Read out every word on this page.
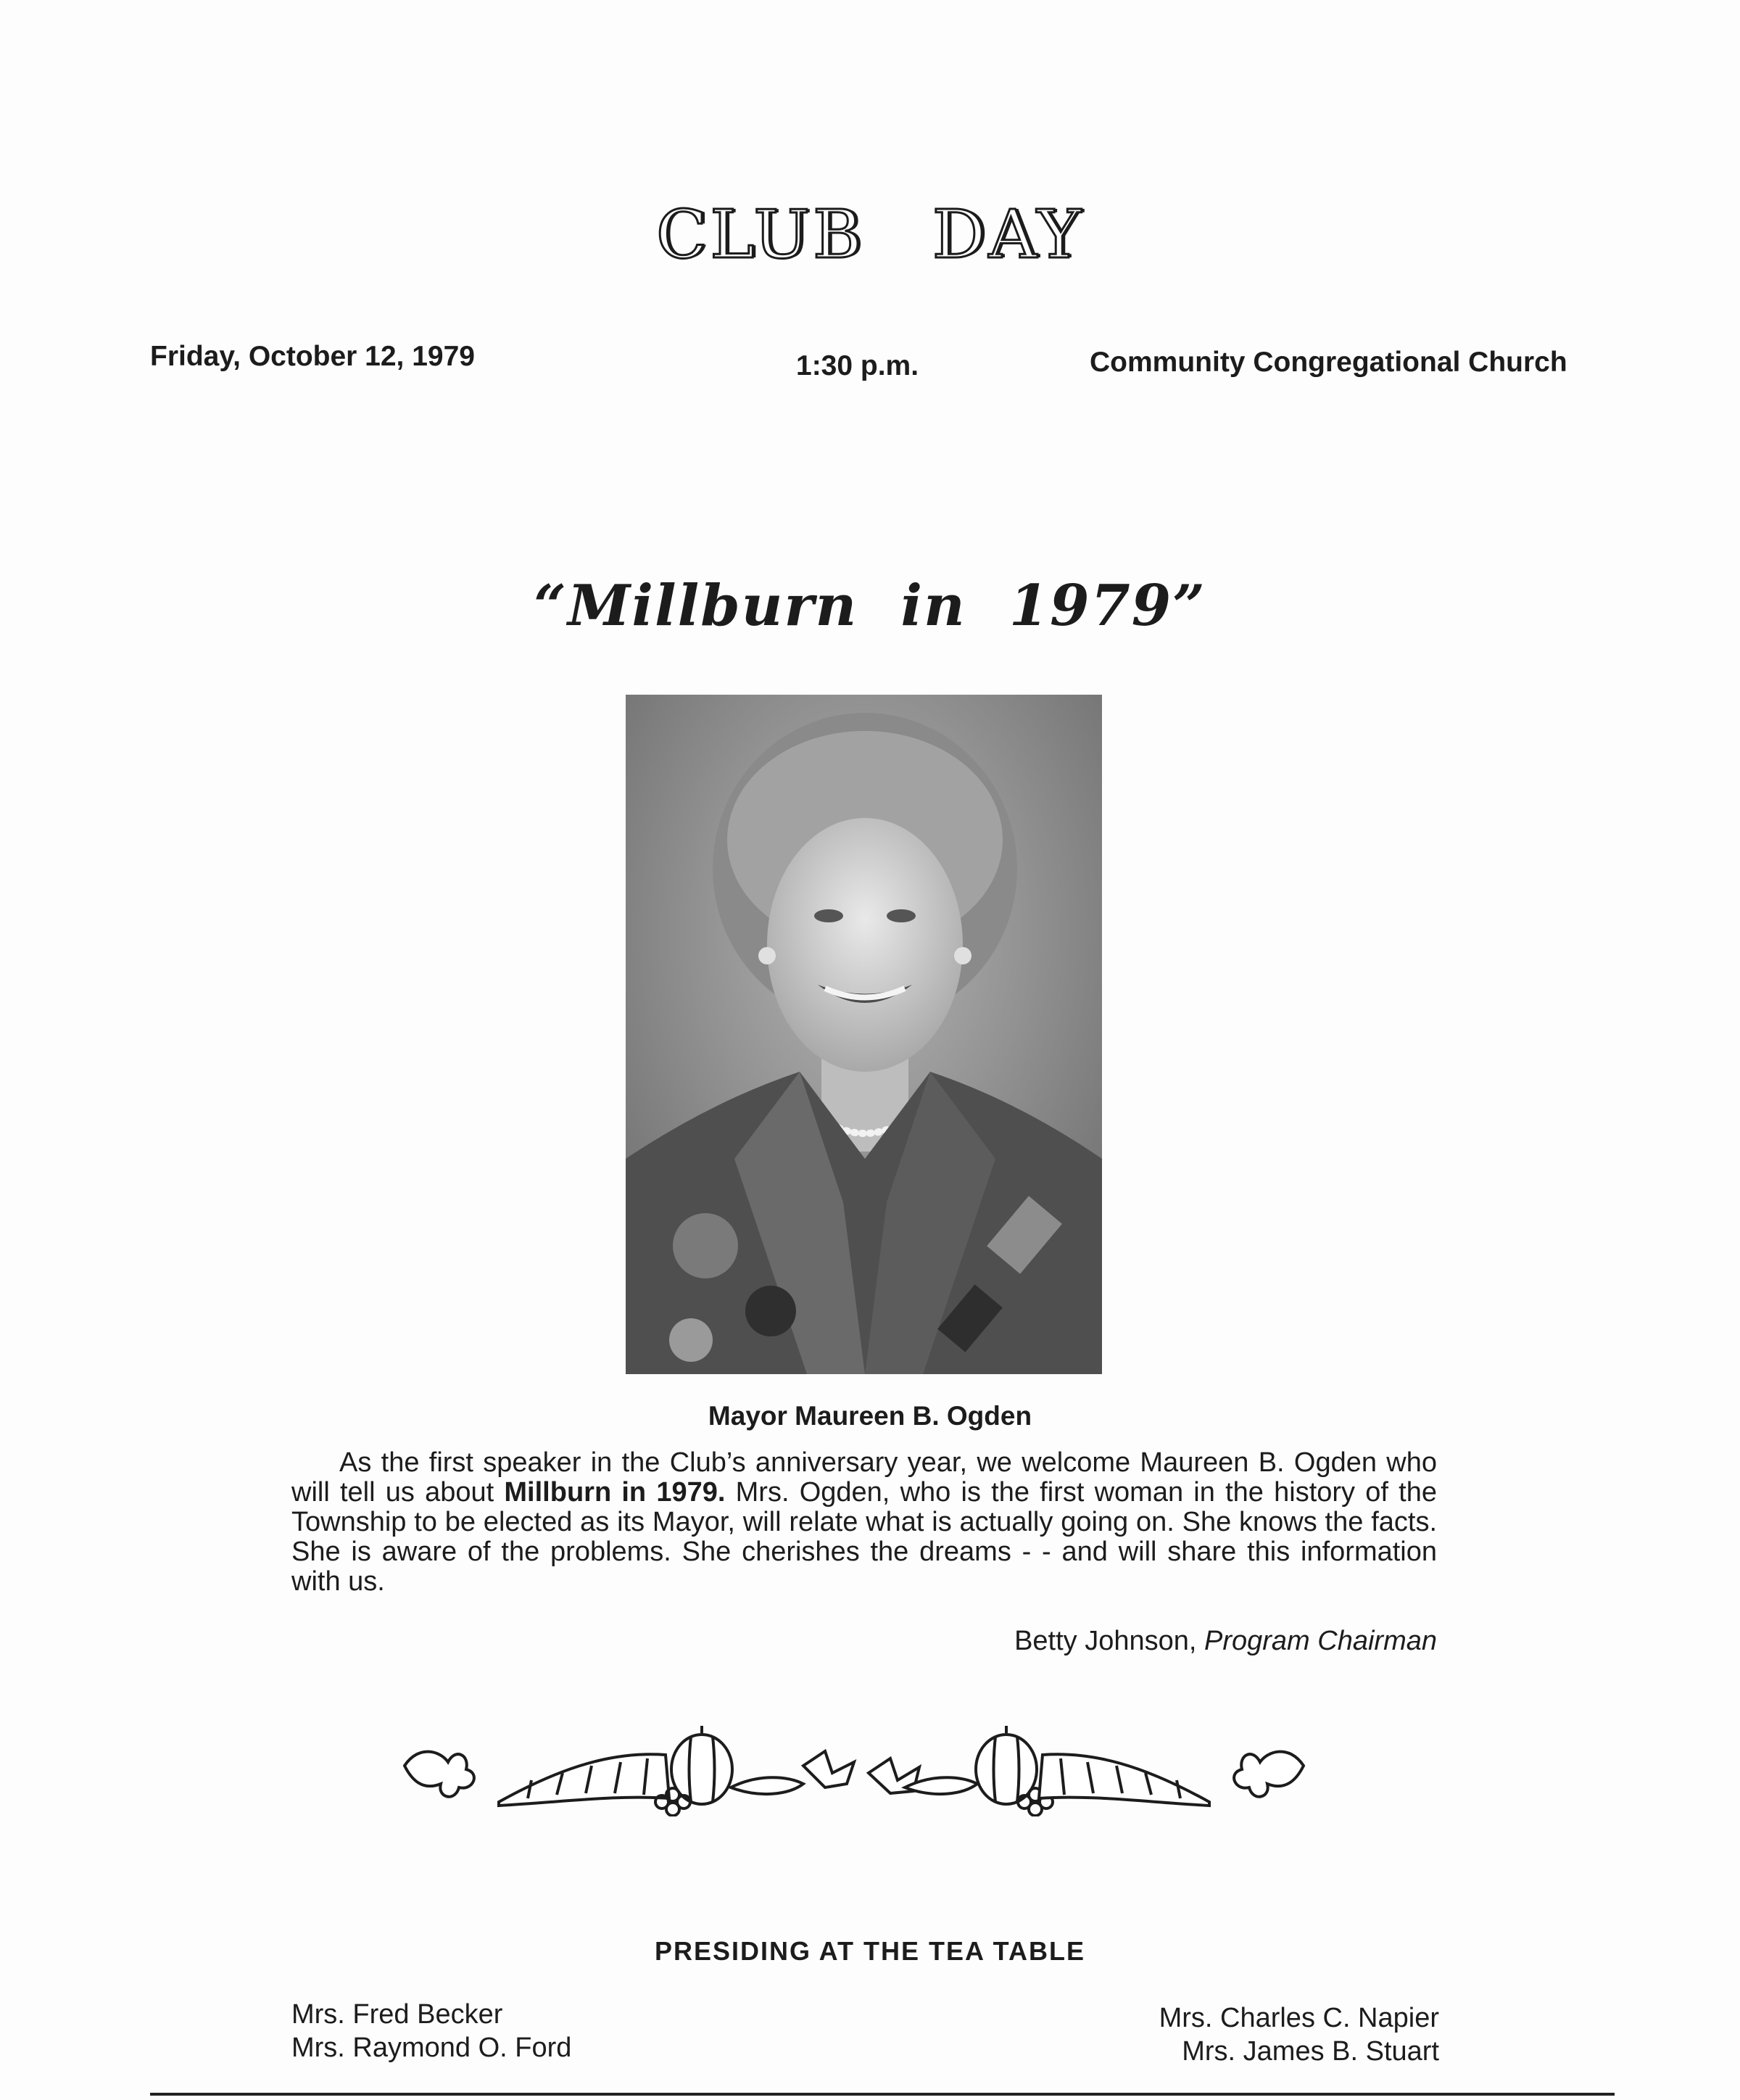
CLUB DAY
Friday, October 12, 1979	1:30 p.m.	Community Congregational Church
“Millburn in 1979”
Mayor Maureen B. Ogden
As the first speaker in the Club’s anniversary year, we welcome Maureen B. Ogden who will tell us about Millburn in 1979. Mrs. Ogden, who is the first woman in the history of the Township to be elected as its Mayor, will relate what is actually going on. She knows the facts. She is aware of the problems. She cherishes the dreams - - and will share this information with us.
Betty Johnson, Program Chairman
PRESIDING AT THE TEA TABLE
Mrs. Fred Becker
Mrs. Raymond O. Ford
Mrs. Charles C. Napier
Mrs. James B. Stuart
